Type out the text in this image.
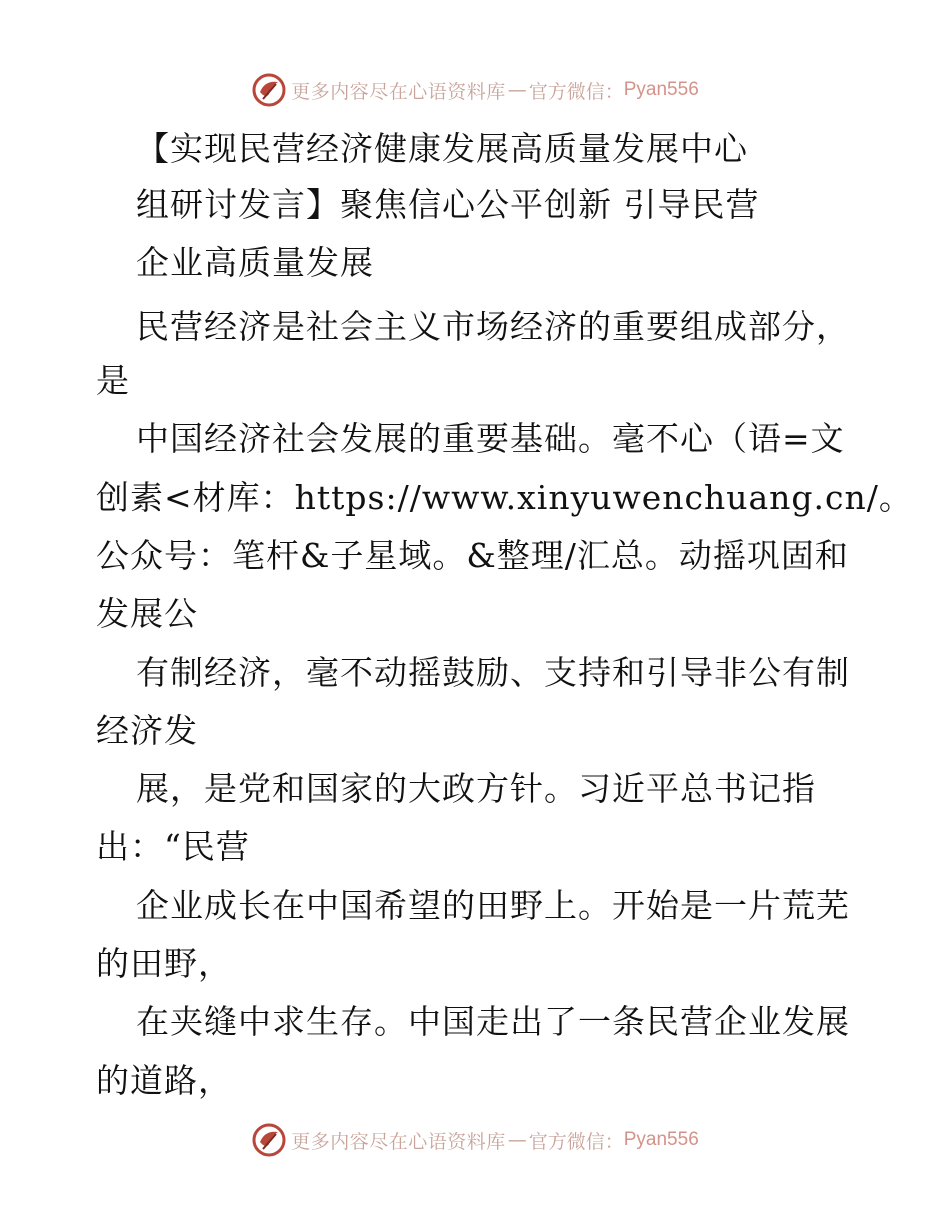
更多内容尽在心语资料库 — 官方微信： Pyan556
【实现民营经济健康发展高质量发展中心
组研讨发言】聚焦信心公平创新 引导民营
企业高质量发展
民营经济是社会主义市场经济的重要组成部分，
是
中国经济社会发展的重要基础。毫不心（语=文
创素<材库：https://www.xinyuwenchuang.cn/。
公众号：笔杆&子星域。&整理/汇总。动摇巩固和
发展公
有制经济，毫不动摇鼓励、支持和引导非公有制
经济发
展，是党和国家的大政方针。习近平总书记指
出：“民营
企业成长在中国希望的田野上。开始是一片荒芜
的田野，
在夹缝中求生存。中国走出了一条民营企业发展
的道路，
更多内容尽在心语资料库 — 官方微信： Pyan556
